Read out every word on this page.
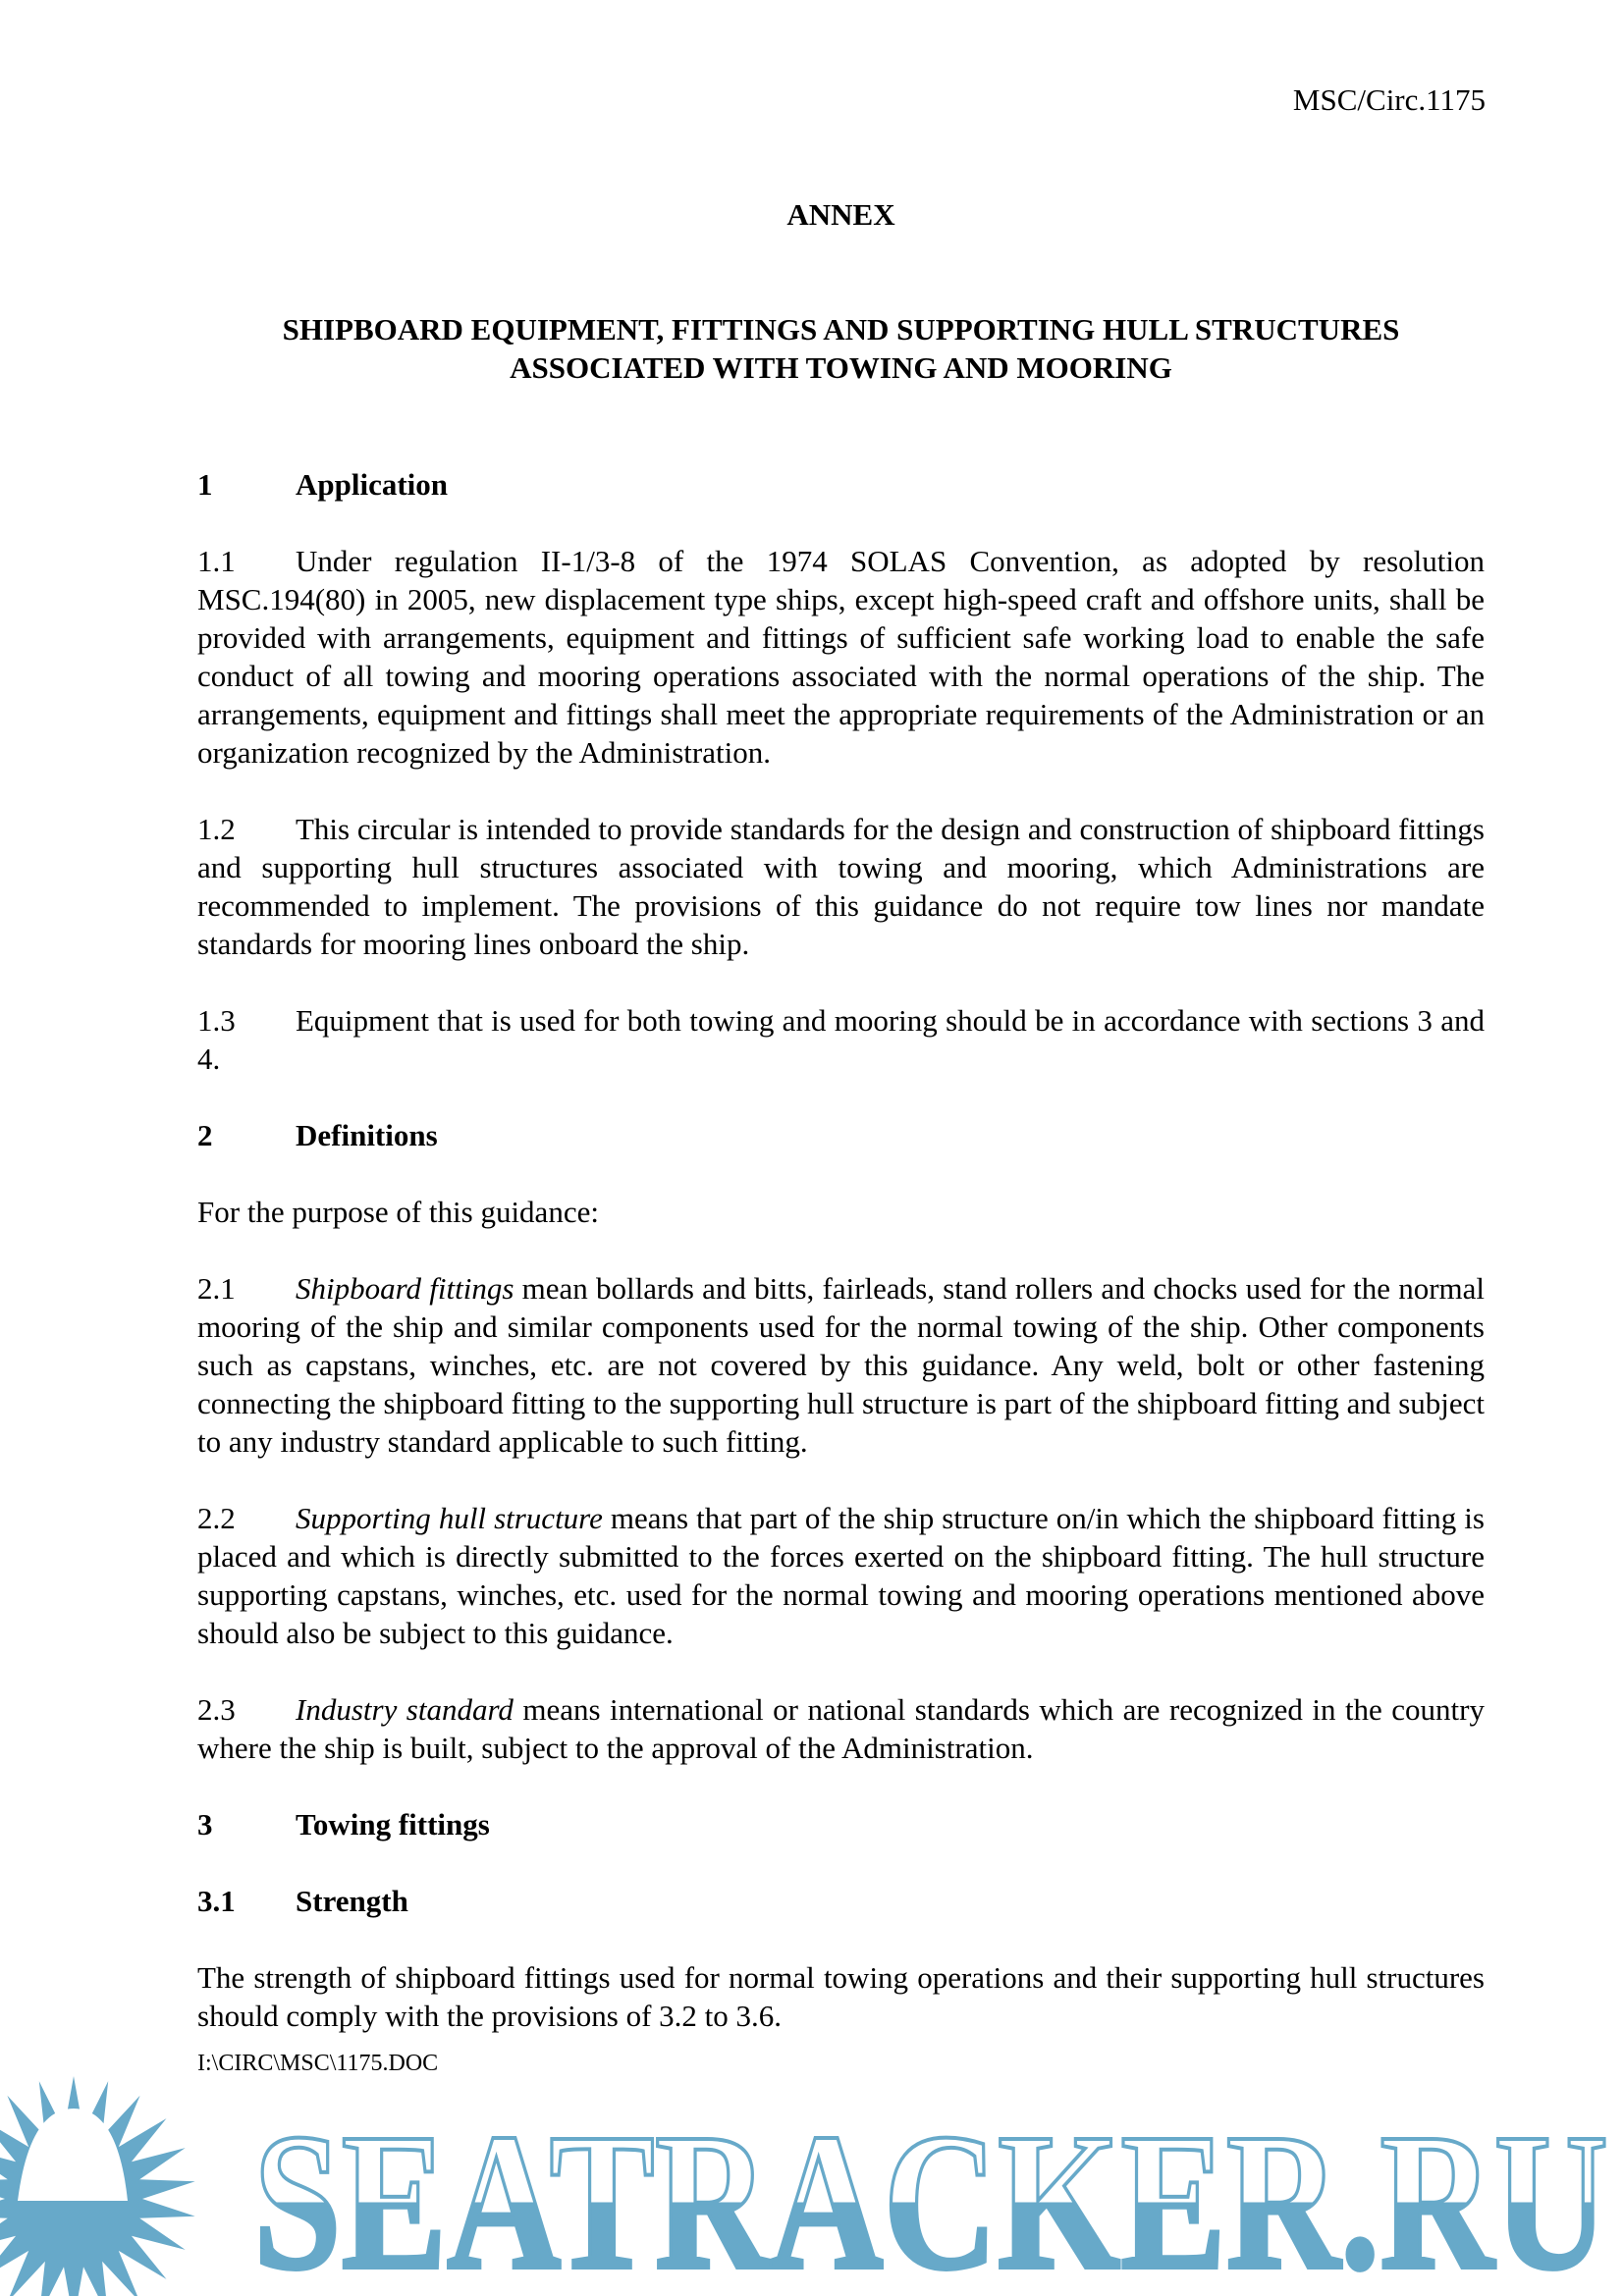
MSC/Circ.1175
ANNEX
SHIPBOARD EQUIPMENT, FITTINGS AND SUPPORTING HULL STRUCTURES
ASSOCIATED WITH TOWING AND MOORING
1	Application

1.1 Under regulation II-1/3-8 of the 1974 SOLAS Convention, as adopted by resolution MSC.194(80) in 2005, new displacement type ships, except high-speed craft and offshore units, shall be provided with arrangements, equipment and fittings of sufficient safe working load to enable the safe conduct of all towing and mooring operations associated with the normal operations of the ship. The arrangements, equipment and fittings shall meet the appropriate requirements of the Administration or an organization recognized by the Administration.

1.2 This circular is intended to provide standards for the design and construction of shipboard fittings and supporting hull structures associated with towing and mooring, which Administrations are recommended to implement. The provisions of this guidance do not require tow lines nor mandate standards for mooring lines onboard the ship.

1.3 Equipment that is used for both towing and mooring should be in accordance with sections 3 and 4.

2	Definitions

For the purpose of this guidance:

2.1 Shipboard fittings mean bollards and bitts, fairleads, stand rollers and chocks used for the normal mooring of the ship and similar components used for the normal towing of the ship. Other components such as capstans, winches, etc. are not covered by this guidance. Any weld, bolt or other fastening connecting the shipboard fitting to the supporting hull structure is part of the shipboard fitting and subject to any industry standard applicable to such fitting.

2.2 Supporting hull structure means that part of the ship structure on/in which the shipboard fitting is placed and which is directly submitted to the forces exerted on the shipboard fitting. The hull structure supporting capstans, winches, etc. used for the normal towing and mooring operations mentioned above should also be subject to this guidance.

2.3 Industry standard means international or national standards which are recognized in the country where the ship is built, subject to the approval of the Administration.

3	Towing fittings
3.1 Strength

The strength of shipboard fittings used for normal towing operations and their supporting hull structures should comply with the provisions of 3.2 to 3.6.

SEATRACKER.RU
I:\CIRC\MSC\1175.DOC
